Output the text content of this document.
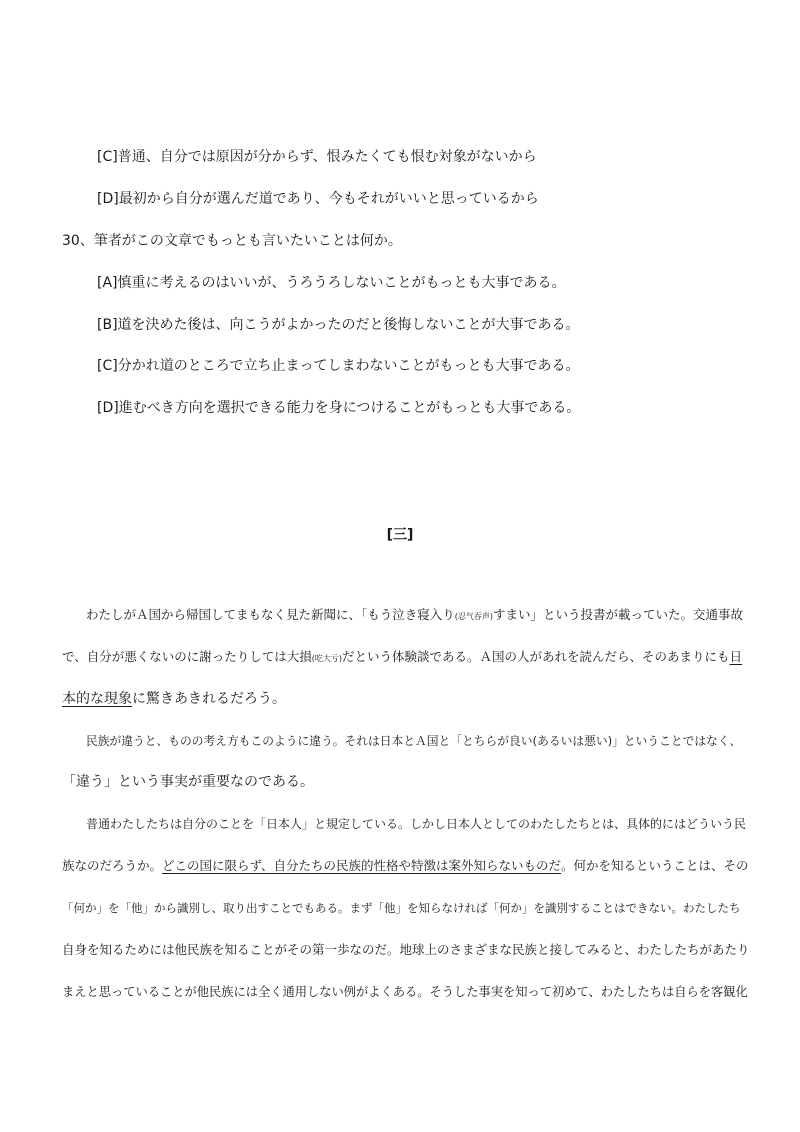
[C]普通、自分では原因が分からず、恨みたくても恨む対象がないから
[D]最初から自分が選んだ道であり、今もそれがいいと思っているから
30、筆者がこの文章でもっとも言いたいことは何か。
[A]慎重に考えるのはいいが、うろうろしないことがもっとも大事である。
[B]道を決めた後は、向こうがよかったのだと後悔しないことが大事である。
[C]分かれ道のところで立ち止まってしまわないことがもっとも大事である。
[D]進むべき方向を選択できる能力を身につけることがもっとも大事である。
[三]
わたしがＡ国から帰国してまもなく見た新聞に、「もう泣き寝入り(忍气吞声)すまい」という投書が載っていた。交通事故
で、自分が悪くないのに謝ったりしては大損(吃大亏)だという体験談である。Ａ国の人があれを読んだら、そのあまりにも日
本的な現象に驚きあきれるだろう。
民族が違うと、ものの考え方もこのように違う。それは日本とＡ国と「とちらが良い(あるいは悪い)」ということではなく、
「違う」という事実が重要なのである。
普通わたしたちは自分のことを「日本人」と規定している。しかし日本人としてのわたしたちとは、具体的にはどういう民
族なのだろうか。どこの国に限らず、自分たちの民族的性格や特徴は案外知らないものだ。何かを知るということは、その
「何か」を「他」から識別し、取り出すことでもある。まず「他」を知らなければ「何か」を識別することはできない。わたしたち
自身を知るためには他民族を知ることがその第一歩なのだ。地球上のさまざまな民族と接してみると、わたしたちがあたり
まえと思っていることが他民族には全く通用しない例がよくある。そうした事実を知って初めて、わたしたちは自らを客観化
